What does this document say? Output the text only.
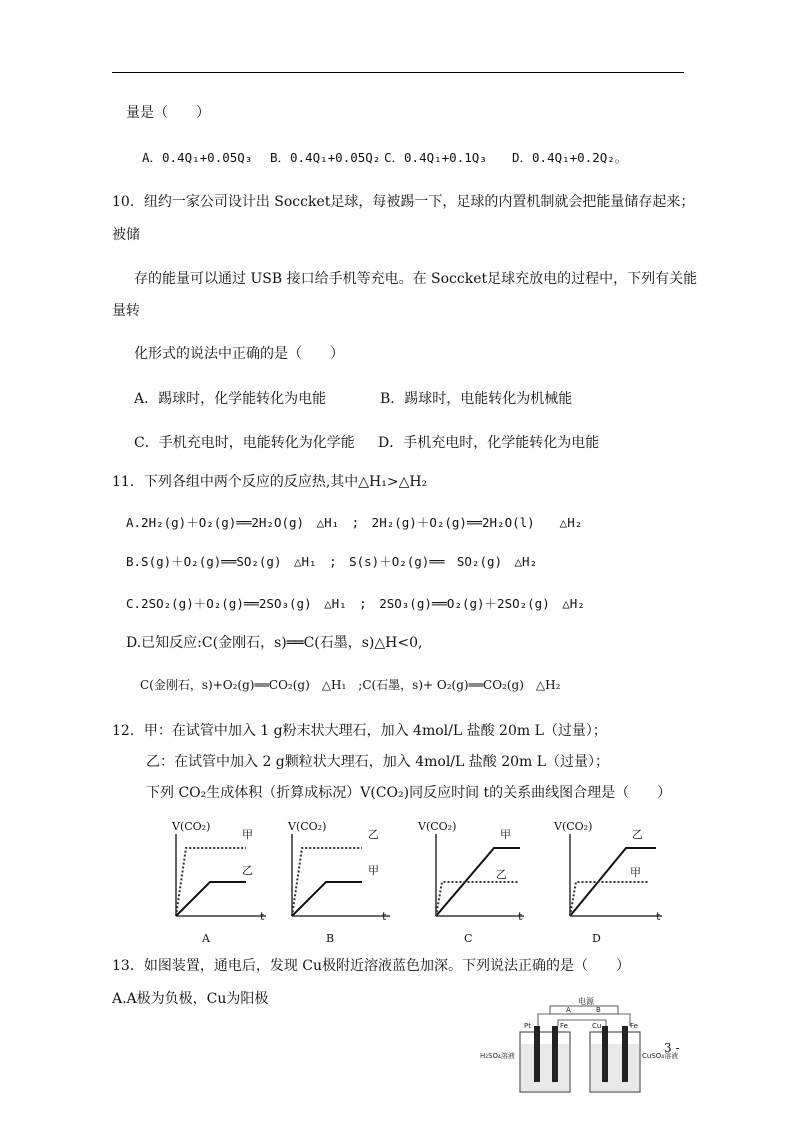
量是（　　）
A．0.4Q₁+0.05Q₃ B．0.4Q₁+0.05Q₂ C．0.4Q₁+0.1Q₃ D．0.4Q₁+0.2Q₂。
10．纽约一家公司设计出 Soccket足球，每被踢一下，足球的内置机制就会把能量储存起来；
被储
存的能量可以通过 USB 接口给手机等充电。在 Soccket足球充放电的过程中，下列有关能
量转
化形式的说法中正确的是（　　）
A．踢球时，化学能转化为电能	B．踢球时，电能转化为机械能
C．手机充电时，电能转化为化学能 D．手机充电时，化学能转化为电能
11．下列各组中两个反应的反应热,其中△H₁>△H₂
A.2H₂(g)＋O₂(g)══2H₂O(g)　△H₁　;　2H₂(g)＋O₂(g)══2H₂O(l)　　△H₂
B.S(g)＋O₂(g)══SO₂(g)　△H₁　;　S(s)＋O₂(g)══　SO₂(g)　△H₂
C.2SO₂(g)＋O₂(g)══2SO₃(g)　△H₁　;　2SO₃(g)══O₂(g)＋2SO₂(g)　△H₂
D.已知反应:C(金刚石，s)══C(石墨，s)△H<0,
C(金刚石，s)+O₂(g)══CO₂(g)　△H₁　;C(石墨，s)+ O₂(g)══CO₂(g)　△H₂
12．甲：在试管中加入 1 g粉末状大理石，加入 4mol/L 盐酸 20m L（过量）；
乙：在试管中加入 2 g颗粒状大理石，加入 4mol/L 盐酸 20m L（过量）；
下列 CO₂生成体积（折算成标况）V(CO₂)同反应时间 t的关系曲线图合理是（　　）
V(CO₂)
甲
乙
t
A
V(CO₂)
乙
甲
t
B
V(CO₂)
甲
乙
t
C
V(CO₂)
乙
甲
t
D
13．如图装置，通电后，发现 Cu极附近溶液蓝色加深。下列说法正确的是（　　）
A.A极为负极，Cu为阳极	电源
A	B
Pt	Fe
H₂SO₄溶液
Cu	Fe
CuSO₄溶液
3 -
